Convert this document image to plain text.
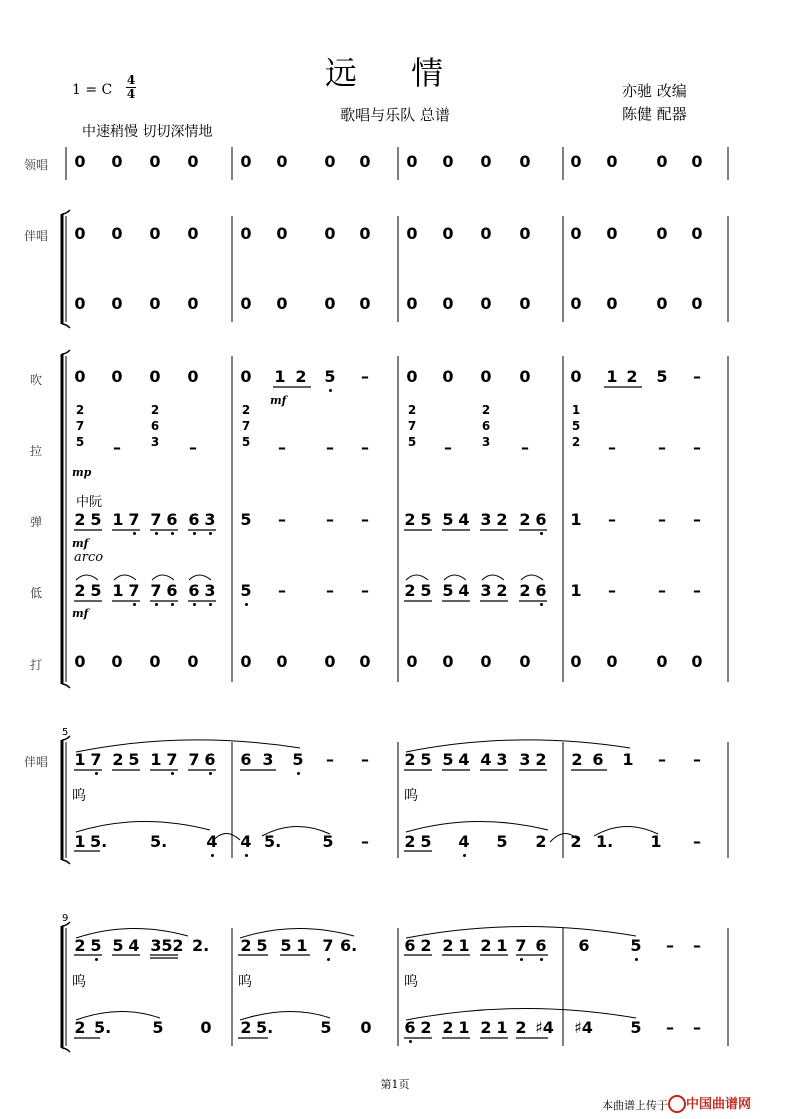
远 情
歌唱与乐队 总谱
1 = C
4
4
中速稍慢 切切深情地
亦驰 改编
陈健 配器
领唱
伴唱
吹
拉
弹
低
打
伴唱
5
9
中阮
mf
arco
mf
mp
mf
呜	呜
呜	呜	呜
0 0 0 0	0 0 0 0 0 0 0 0 0 0 0 0
0 0 0 0	0 0 0 0 0 0 0 0 0 0 0 0
0 0 0 0	0 0 0 0 0 0 0 0 0 0 0 0
0 0 0 0	0 0 0 0 0 0 0 0 0 0 0 0
0 0 0 0	0 1 2 5 – 0 0 0 0 0 1 2 5 –
2
7
5
2
6
3
2
7
5
2
7
5
2
6
3
1
5
2
–	–	–	– –	–	–	–	– –
2 5 1 7 7 6 6 3 5 –	– – 2 5 5 4 3 2 2 6 1 –	– –
2 5 1 7 7 6 6 3 5 –	– – 2 5 5 4 3 2 2 6 1 –	– –
1 7 2 5 1 7 7 6 6 3 5 – – 2 5 5 4 4 3 3 2 2 6 1 – –
1 5.	5. 4 4 5.	5 – 2 5 4 5 2 2 1. 1 –
2 5 5 4 3 5 2 2. 2 5 5 1 7 6.	6 2 2 1 2 1 7 6 6	5 – –
2 5.	5 0 2 5.	5 0 6 2 2 1 2 1 2 ♯4 ♯4 5 – –
第1页
本曲谱上传于 中国曲谱网
